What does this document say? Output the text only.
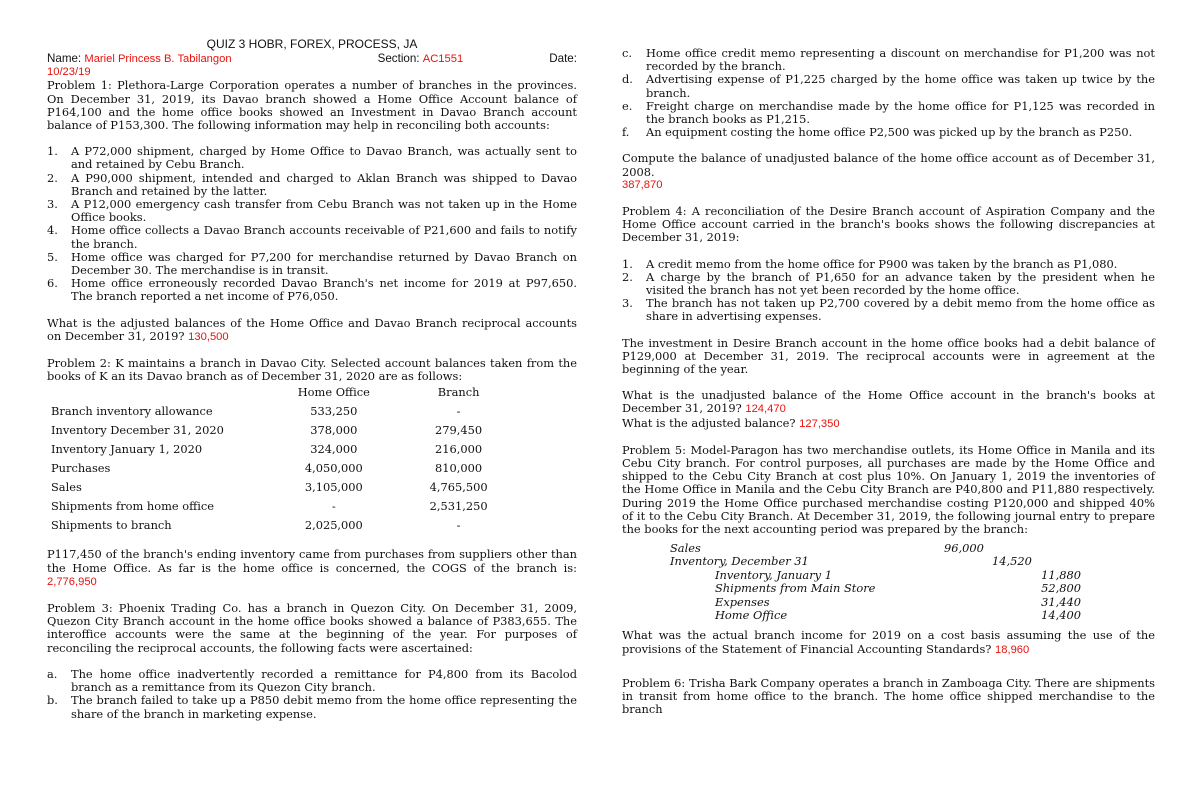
QUIZ 3 HOBR, FOREX, PROCESS, JA
Name: Mariel Princess B. Tabilangon	Section: AC1551	Date:
10/23/19

Problem 1: Plethora-Large Corporation operates a number of branches in the provinces. On December 31, 2019, its Davao branch showed a Home Office Account balance of P164,100 and the home office books showed an Investment in Davao Branch account balance of P153,300. The following information may help in reconciling both accounts:

1.	A P72,000 shipment, charged by Home Office to Davao Branch, was actually sent to and retained by Cebu Branch.
2.	A P90,000 shipment, intended and charged to Aklan Branch was shipped to Davao Branch and retained by the latter.
3.	A P12,000 emergency cash transfer from Cebu Branch was not taken up in the Home Office books.
4.	Home office collects a Davao Branch accounts receivable of P21,600 and fails to notify the branch.
5.	Home office was charged for P7,200 for merchandise returned by Davao Branch on December 30. The merchandise is in transit.
6.	Home office erroneously recorded Davao Branch's net income for 2019 at P97,650. The branch reported a net income of P76,050.

What is the adjusted balances of the Home Office and Davao Branch reciprocal accounts on December 31, 2019? 130,500

Problem 2: K maintains a branch in Davao City. Selected account balances taken from the books of K an its Davao branch as of December 31, 2020 are as follows:

	Home Office	Branch
Branch inventory allowance	533,250	-
Inventory December 31, 2020	378,000	279,450
Inventory January 1, 2020	324,000	216,000
Purchases	4,050,000	810,000
Sales	3,105,000	4,765,500
Shipments from home office	-	2,531,250
Shipments to branch	2,025,000	-

P117,450 of the branch's ending inventory came from purchases from suppliers other than the Home Office. As far is the home office is concerned, the COGS of the branch is: 2,776,950

Problem 3: Phoenix Trading Co. has a branch in Quezon City. On December 31, 2009, Quezon City Branch account in the home office books showed a balance of P383,655. The interoffice accounts were the same at the beginning of the year. For purposes of reconciling the reciprocal accounts, the following facts were ascertained:

a.	The home office inadvertently recorded a remittance for P4,800 from its Bacolod branch as a remittance from its Quezon City branch.
b.	The branch failed to take up a P850 debit memo from the home office representing the share of the branch in marketing expense.
c.	Home office credit memo representing a discount on merchandise for P1,200 was not recorded by the branch.
d.	Advertising expense of P1,225 charged by the home office was taken up twice by the branch.
e.	Freight charge on merchandise made by the home office for P1,125 was recorded in the branch books as P1,215.
f.	An equipment costing the home office P2,500 was picked up by the branch as P250.

Compute the balance of unadjusted balance of the home office account as of December 31, 2008.

387,870

Problem 4: A reconciliation of the Desire Branch account of Aspiration Company and the Home Office account carried in the branch's books shows the following discrepancies at December 31, 2019:

1.	A credit memo from the home office for P900 was taken by the branch as P1,080.
2.	A charge by the branch of P1,650 for an advance taken by the president when he visited the branch has not yet been recorded by the home office.
3.	The branch has not taken up P2,700 covered by a debit memo from the home office as share in advertising expenses.

The investment in Desire Branch account in the home office books had a debit balance of P129,000 at December 31, 2019. The reciprocal accounts were in agreement at the beginning of the year.

What is the unadjusted balance of the Home Office account in the branch's books at December 31, 2019? 124,470

What is the adjusted balance? 127,350

Problem 5: Model-Paragon has two merchandise outlets, its Home Office in Manila and its Cebu City branch. For control purposes, all purchases are made by the Home Office and shipped to the Cebu City Branch at cost plus 10%. On January 1, 2019 the inventories of the Home Office in Manila and the Cebu City Branch are P40,800 and P11,880 respectively. During 2019 the Home Office purchased merchandise costing P120,000 and shipped 40% of it to the Cebu City Branch. At December 31, 2019, the following journal entry to prepare the books for the next accounting period was prepared by the branch:

Sales	96,000
Inventory, December 31	14,520
Inventory, January 1	11,880
Shipments from Main Store	52,800
Expenses	31,440
Home Office	14,400

What was the actual branch income for 2019 on a cost basis assuming the use of the provisions of the Statement of Financial Accounting Standards? 18,960

Problem 6: Trisha Bark Company operates a branch in Zamboaga City. There are shipments in transit from home office to the branch. The home office shipped merchandise to the branch
